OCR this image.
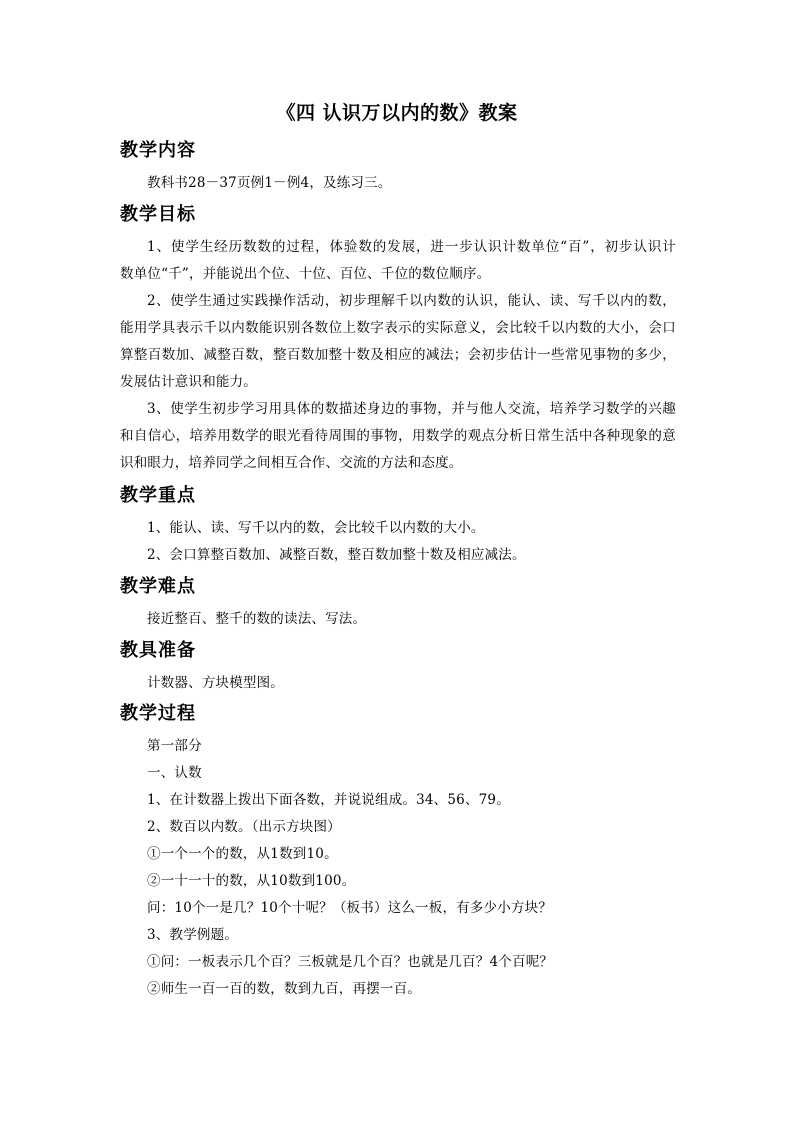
《四 认识万以内的数》教案
教学内容
教科书28－37页例1－例4，及练习三。
教学目标
1、使学生经历数数的过程，体验数的发展，进一步认识计数单位“百”，初步认识计
数单位“千”，并能说出个位、十位、百位、千位的数位顺序。
2、使学生通过实践操作活动，初步理解千以内数的认识，能认、读、写千以内的数，
能用学具表示千以内数能识别各数位上数字表示的实际意义，会比较千以内数的大小，会口
算整百数加、减整百数，整百数加整十数及相应的减法；会初步估计一些常见事物的多少，
发展估计意识和能力。
3、使学生初步学习用具体的数描述身边的事物，并与他人交流，培养学习数学的兴趣
和自信心，培养用数学的眼光看待周围的事物，用数学的观点分析日常生活中各种现象的意
识和眼力，培养同学之间相互合作、交流的方法和态度。
教学重点
1、能认、读、写千以内的数，会比较千以内数的大小。
2、会口算整百数加、减整百数，整百数加整十数及相应减法。
教学难点
接近整百、整千的数的读法、写法。
教具准备
计数器、方块模型图。
教学过程
第一部分
一、认数
1、在计数器上拨出下面各数，并说说组成。34、56、79。
2、数百以内数。（出示方块图）
①一个一个的数，从1数到10。
②一十一十的数，从10数到100。
问：10个一是几？10个十呢？（板书）这么一板，有多少小方块？
3、教学例题。
①问：一板表示几个百？三板就是几个百？也就是几百？4个百呢？
②师生一百一百的数，数到九百，再摆一百。
